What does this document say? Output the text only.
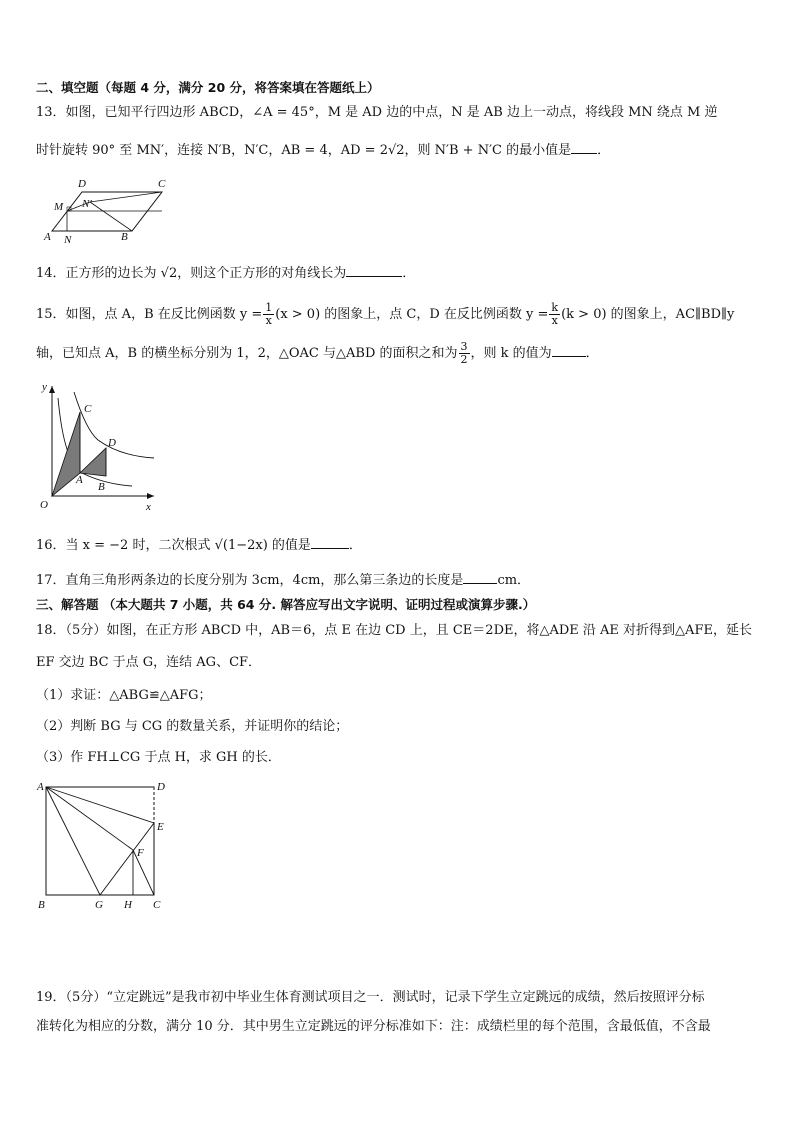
二、填空题（每题 4 分，满分 20 分，将答案填在答题纸上）
13．如图，已知平行四边形 ABCD，∠A = 45°，M 是 AD 边的中点，N 是 AB 边上一动点，将线段 MN 绕点 M 逆
时针旋转 90° 至 MN′，连接 N′B，N′C，AB = 4，AD = 2√2，则 N′B + N′C 的最小值是 ．
D	C
M N′
A N	B
14．正方形的边长为 √2，则这个正方形的对角线长为	．
15．如图，点 A，B 在反比例函数 $y = \frac{1}{x} (x > 0)$ 的图象上，点 C，D 在反比例函数 $y = \frac{k}{x} (k > 0)$ 的图象上，AC∥BD∥y
轴，已知点 A，B 的横坐标分别为 1，2，△OAC 与△ABD 的面积之和为 $\frac{3}{2}$ ，则 k 的值为	．
y
C
D
A
B
O	x
16．当 x = −2 时，二次根式 √(1−2x) 的值是	．
17．直角三角形两条边的长度分别为 3cm，4cm，那么第三条边的长度是	cm．
三、解答题 （本大题共 7 小题，共 64 分. 解答应写出文字说明、证明过程或演算步骤.）
18．（5分）如图，在正方形 ABCD 中，AB＝6，点 E 在边 CD 上，且 CE＝2DE，将△ADE 沿 AE 对折得到△AFE，延长
EF 交边 BC 于点 G，连结 AG、CF．
（1）求证：△ABG≌△AFG；
（2）判断 BG 与 CG 的数量关系，并证明你的结论；
（3）作 FH⊥CG 于点 H，求 GH 的长．
A	D
E
F
B	G H C
19．（5分）“立定跳远”是我市初中毕业生体育测试项目之一．测试时，记录下学生立定跳远的成绩，然后按照评分标
准转化为相应的分数，满分 10 分．其中男生立定跳远的评分标准如下：注：成绩栏里的每个范围，含最低值，不含最
